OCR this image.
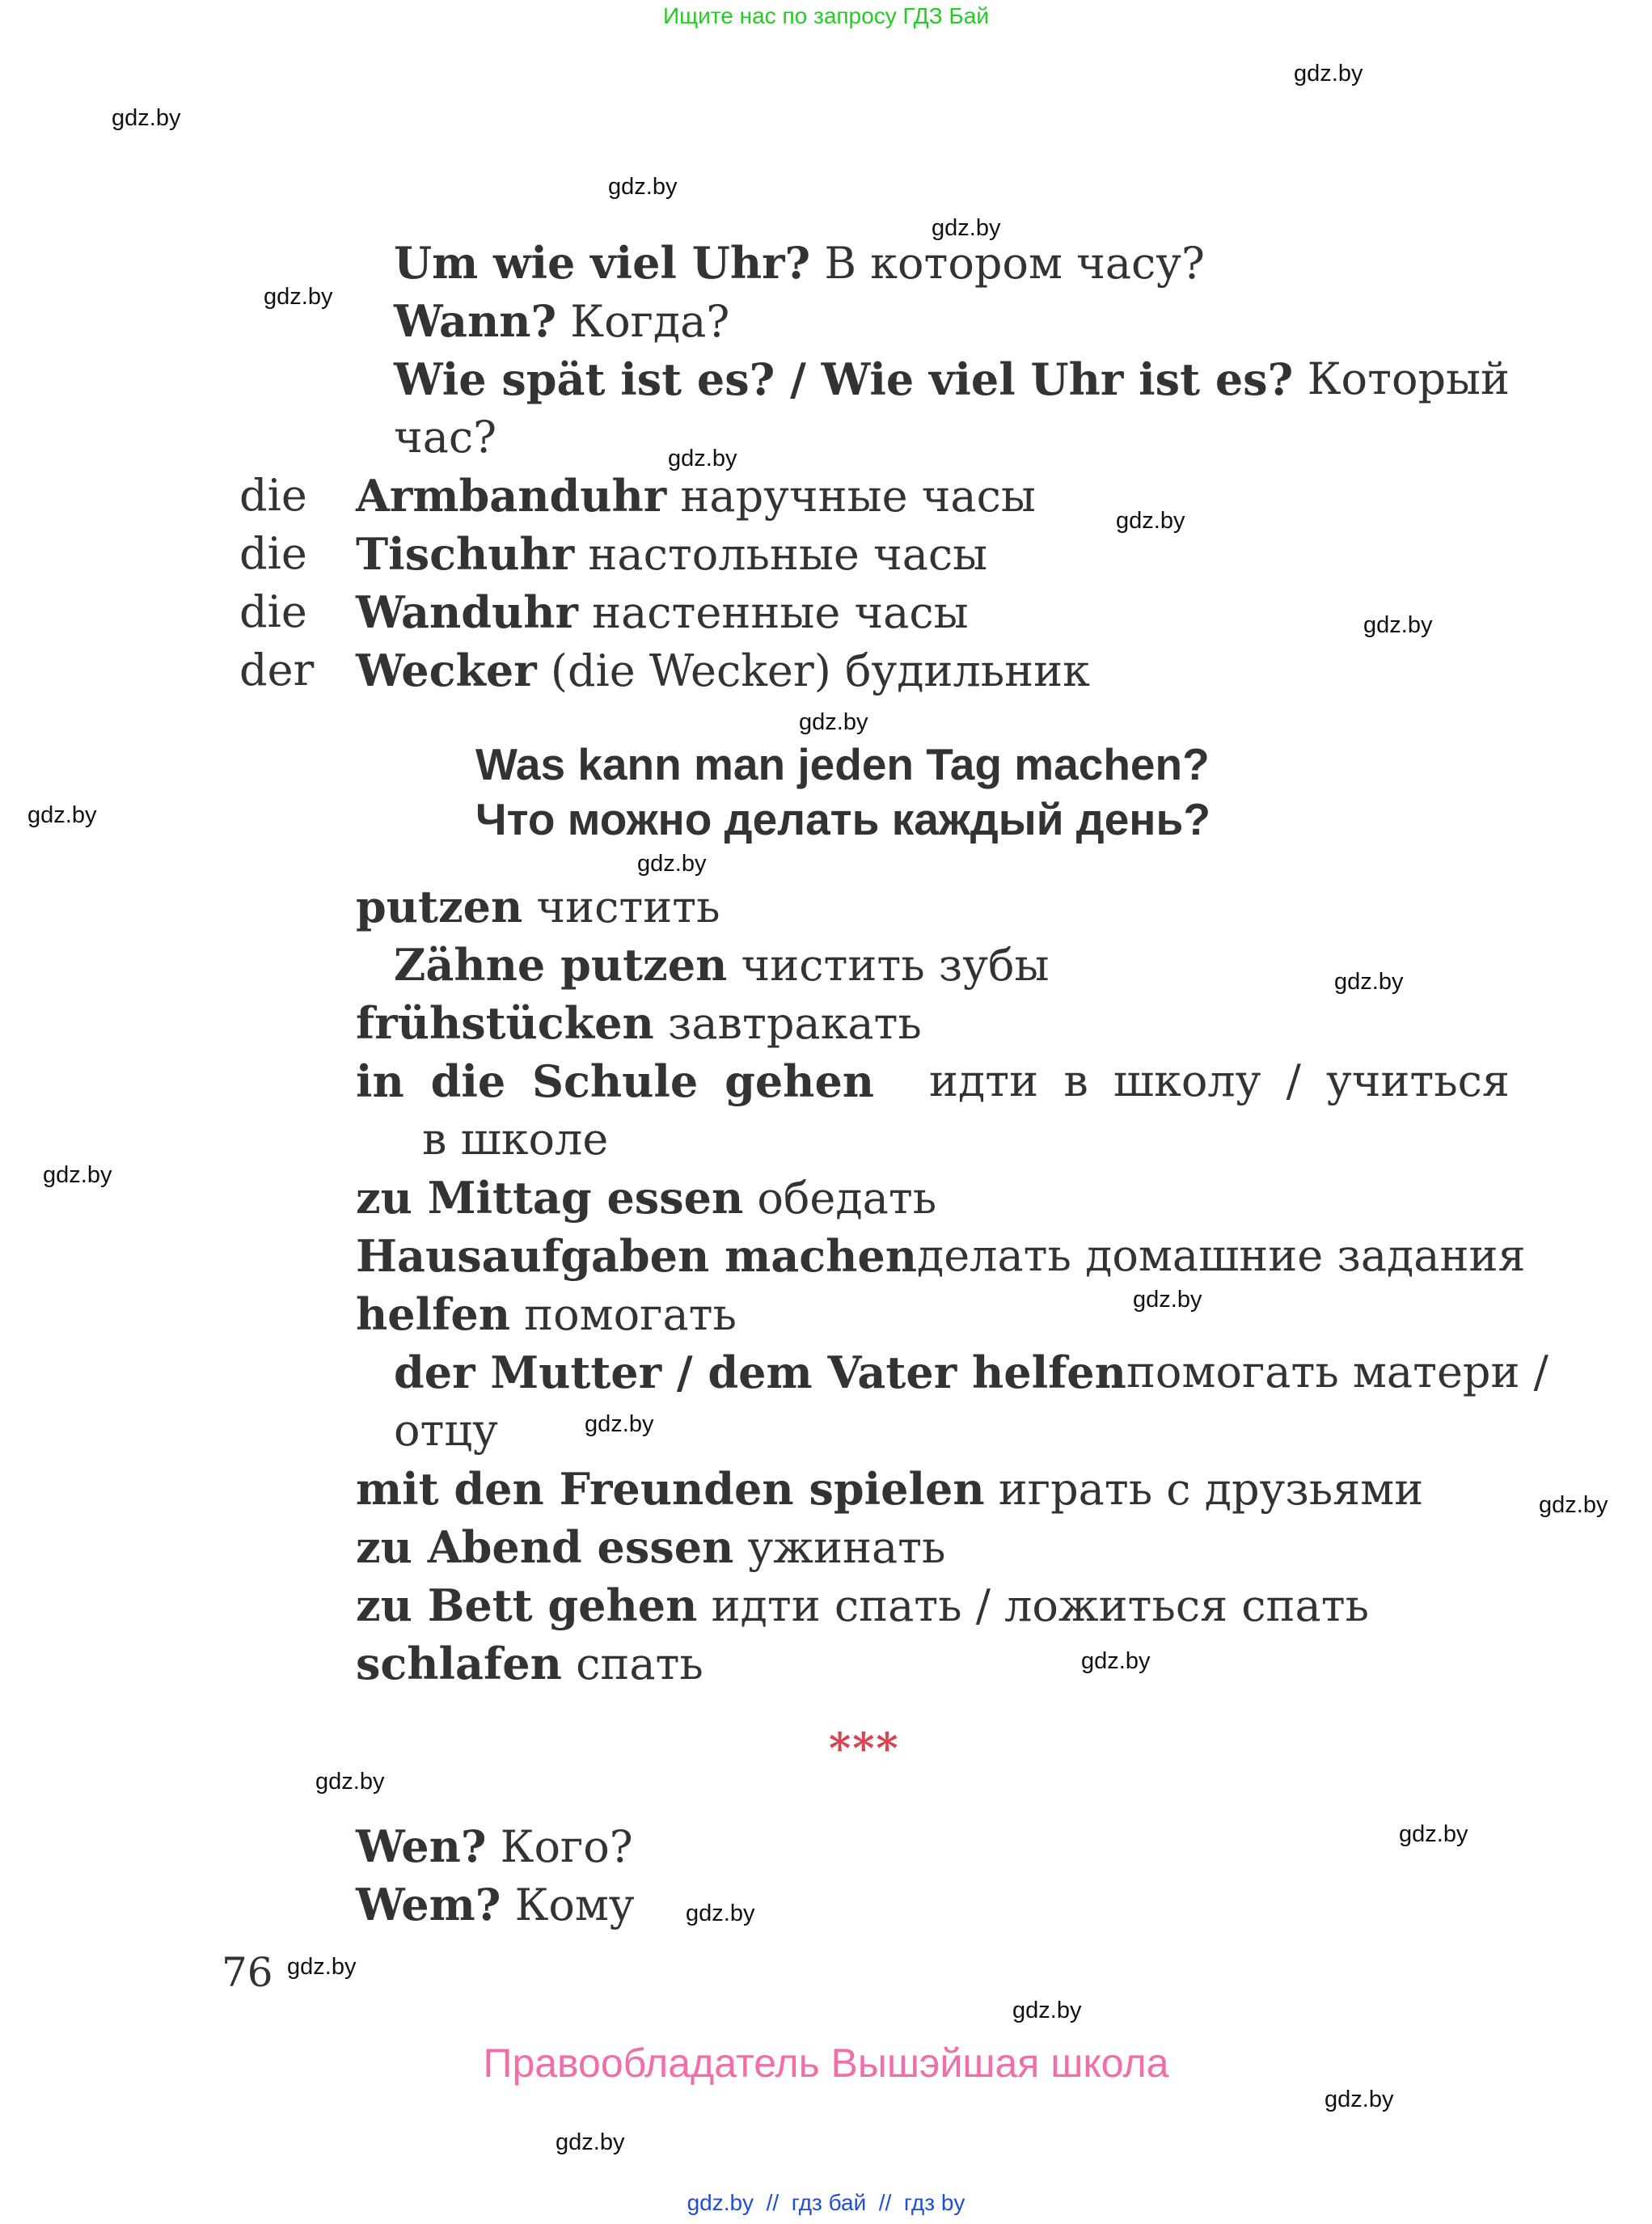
Ищите нас по запросу ГДЗ Бай
gdz.by
gdz.by
gdz.by
gdz.by
gdz.by
gdz.by
gdz.by
gdz.by
gdz.by
gdz.by
gdz.by
gdz.by
gdz.by
gdz.by
gdz.by
gdz.by
gdz.by
gdz.by
gdz.by
gdz.by
gdz.by
gdz.by
gdz.by
gdz.by
Um wie viel Uhr? В котором часу?
Wann? Когда?
Wie spät ist es? / Wie viel Uhr ist es? Который
час?
die Armbanduhr наручные часы
die Tischuhr настольные часы
die Wanduhr настенные часы
der Wecker (die Wecker) будильник
Was kann man jeden Tag machen?
Что можно делать каждый день?
putzen чистить
Zähne putzen чистить зубы
frühstücken завтракать
in die Schule gehen идти в школу / учиться
в школе
zu Mittag essen обедать
Hausaufgaben machen делать домашние задания
helfen помогать
der Mutter / dem Vater helfen помогать матери /
отцу
mit den Freunden spielen играть с друзьями
zu Abend essen ужинать
zu Bett gehen идти спать / ложиться спать
schlafen спать
***
Wen? Кого?
Wem? Кому
76
Правообладатель Вышэйшая школа
gdz.by  //  гдз бай  //  гдз by
